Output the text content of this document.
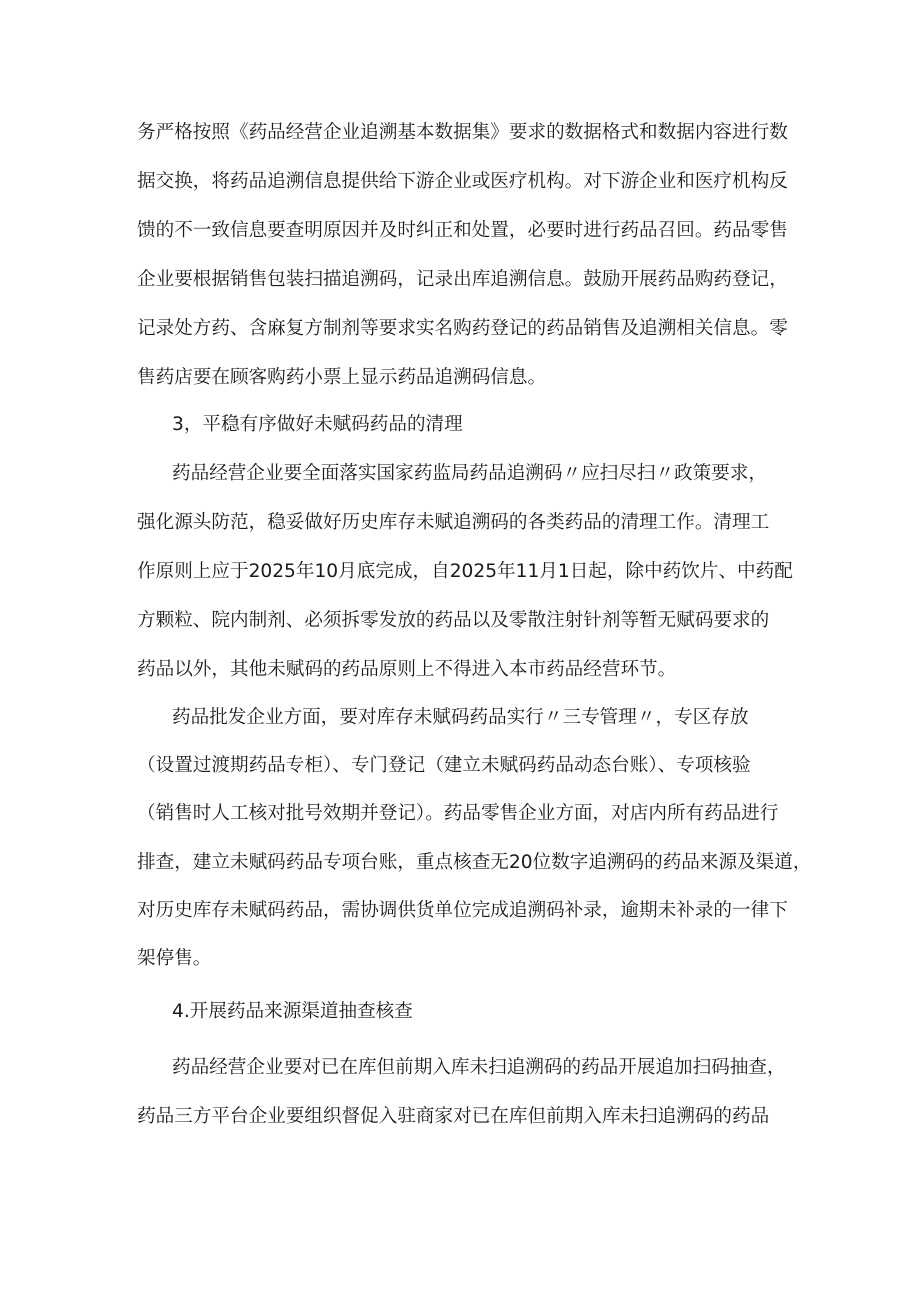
务严格按照《药品经营企业追溯基本数据集》要求的数据格式和数据内容进行数
据交换，将药品追溯信息提供给下游企业或医疗机构。对下游企业和医疗机构反
馈的不一致信息要查明原因并及时纠正和处置，必要时进行药品召回。药品零售
企业要根据销售包装扫描追溯码，记录出库追溯信息。鼓励开展药品购药登记，
记录处方药、含麻复方制剂等要求实名购药登记的药品销售及追溯相关信息。零
售药店要在顾客购药小票上显示药品追溯码信息。
3，平稳有序做好未赋码药品的清理
药品经营企业要全面落实国家药监局药品追溯码〃应扫尽扫〃政策要求，
强化源头防范，稳妥做好历史库存未赋追溯码的各类药品的清理工作。清理工
作原则上应于2025年10月底完成，自2025年11月1日起，除中药饮片、中药配
方颗粒、院内制剂、必须拆零发放的药品以及零散注射针剂等暂无赋码要求的
药品以外，其他未赋码的药品原则上不得进入本市药品经营环节。
药品批发企业方面，要对库存未赋码药品实行〃三专管理〃，专区存放
（设置过渡期药品专柜）、专门登记（建立未赋码药品动态台账）、专项核验
（销售时人工核对批号效期并登记）。药品零售企业方面，对店内所有药品进行
排查，建立未赋码药品专项台账，重点核查无20位数字追溯码的药品来源及渠道，
对历史库存未赋码药品，需协调供货单位完成追溯码补录，逾期未补录的一律下
架停售。
4.开展药品来源渠道抽查核查
药品经营企业要对已在库但前期入库未扫追溯码的药品开展追加扫码抽查，
药品三方平台企业要组织督促入驻商家对已在库但前期入库未扫追溯码的药品
